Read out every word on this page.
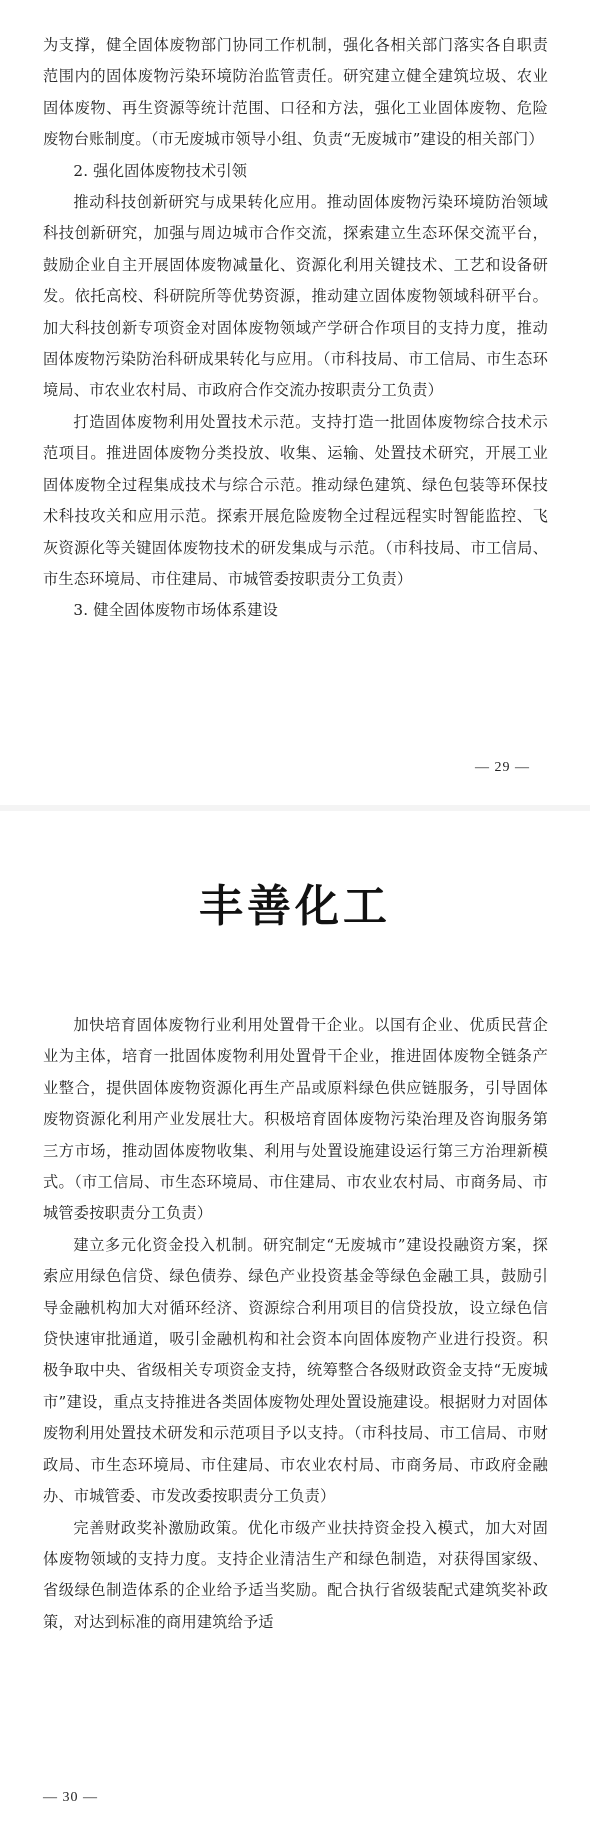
为支撑，健全固体废物部门协同工作机制，强化各相关部门落实各自职责范围内的固体废物污染环境防治监管责任。研究建立健全建筑垃圾、农业固体废物、再生资源等统计范围、口径和方法，强化工业固体废物、危险废物台账制度。（市无废城市领导小组、负责“无废城市”建设的相关部门）

2. 强化固体废物技术引领

推动科技创新研究与成果转化应用。推动固体废物污染环境防治领域科技创新研究，加强与周边城市合作交流，探索建立生态环保交流平台，鼓励企业自主开展固体废物减量化、资源化利用关键技术、工艺和设备研发。依托高校、科研院所等优势资源，推动建立固体废物领域科研平台。加大科技创新专项资金对固体废物领域产学研合作项目的支持力度，推动固体废物污染防治科研成果转化与应用。（市科技局、市工信局、市生态环境局、市农业农村局、市政府合作交流办按职责分工负责）

打造固体废物利用处置技术示范。支持打造一批固体废物综合技术示范项目。推进固体废物分类投放、收集、运输、处置技术研究，开展工业固体废物全过程集成技术与综合示范。推动绿色建筑、绿色包装等环保技术科技攻关和应用示范。探索开展危险废物全过程远程实时智能监控、飞灰资源化等关键固体废物技术的研发集成与示范。（市科技局、市工信局、市生态环境局、市住建局、市城管委按职责分工负责）

3. 健全固体废物市场体系建设

— 29 —
丰善化工

加快培育固体废物行业利用处置骨干企业。以国有企业、优质民营企业为主体，培育一批固体废物利用处置骨干企业，推进固体废物全链条产业整合，提供固体废物资源化再生产品或原料绿色供应链服务，引导固体废物资源化利用产业发展壮大。积极培育固体废物污染治理及咨询服务第三方市场，推动固体废物收集、利用与处置设施建设运行第三方治理新模式。（市工信局、市生态环境局、市住建局、市农业农村局、市商务局、市城管委按职责分工负责）

建立多元化资金投入机制。研究制定“无废城市”建设投融资方案，探索应用绿色信贷、绿色债券、绿色产业投资基金等绿色金融工具，鼓励引导金融机构加大对循环经济、资源综合利用项目的信贷投放，设立绿色信贷快速审批通道，吸引金融机构和社会资本向固体废物产业进行投资。积极争取中央、省级相关专项资金支持，统筹整合各级财政资金支持“无废城市”建设，重点支持推进各类固体废物处理处置设施建设。根据财力对固体废物利用处置技术研发和示范项目予以支持。（市科技局、市工信局、市财政局、市生态环境局、市住建局、市农业农村局、市商务局、市政府金融办、市城管委、市发改委按职责分工负责）

完善财政奖补激励政策。优化市级产业扶持资金投入模式，加大对固体废物领域的支持力度。支持企业清洁生产和绿色制造，对获得国家级、省级绿色制造体系的企业给予适当奖励。配合执行省级装配式建筑奖补政策，对达到标准的商用建筑给予适

— 30 —
